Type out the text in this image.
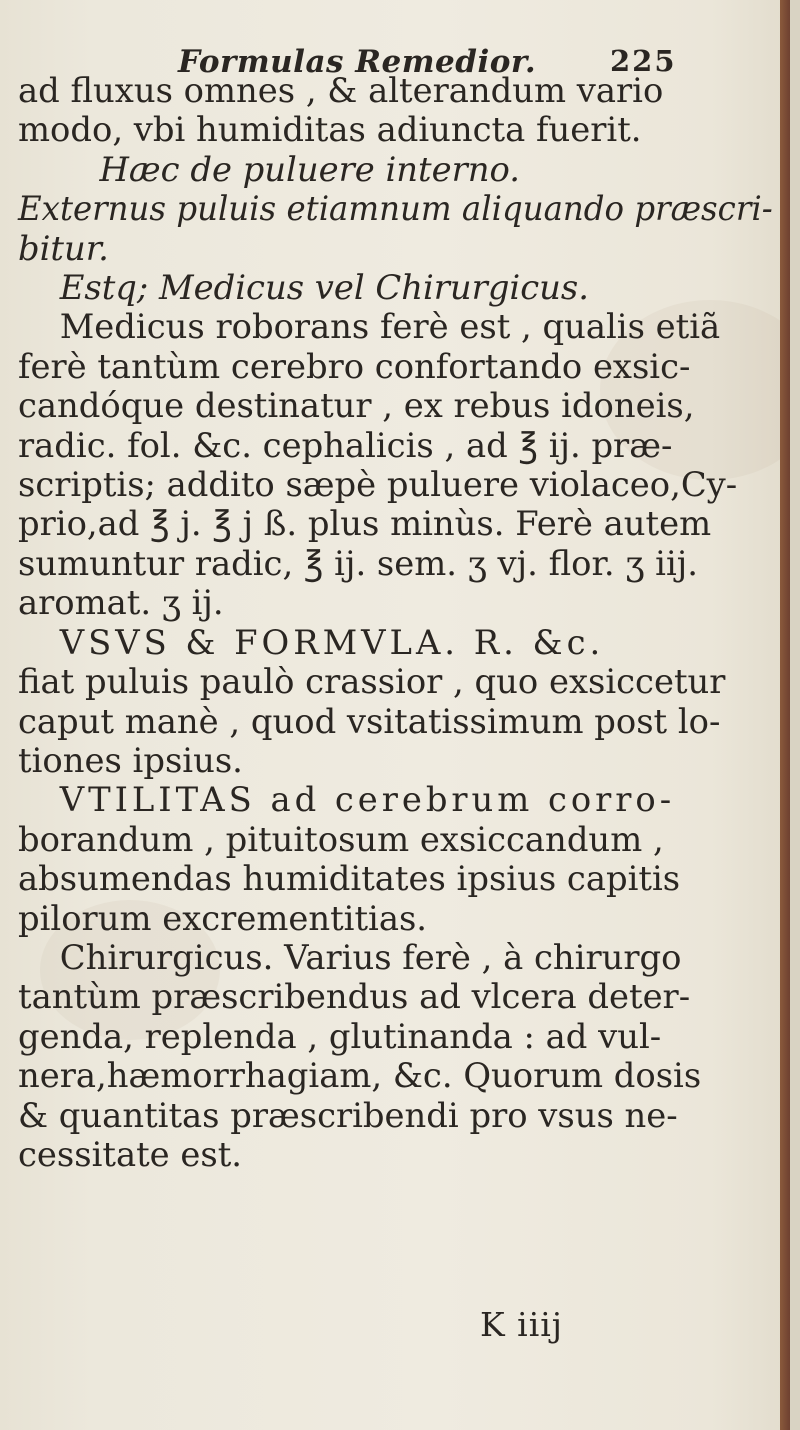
Formulas Remedior.	225
ad fluxus omnes , & alterandum vario
modo, vbi humiditas adiuncta fuerit.
Hæc de puluere interno.
Externus puluis etiamnum aliquando præscri-
bitur.
Estq; Medicus vel Chirurgicus.
Medicus roborans ferè est , qualis etiã
ferè tantùm cerebro confortando exsic-
candóque destinatur , ex rebus idoneis,
radic. fol. &c. cephalicis , ad ℥ ij. præ-
scriptis; addito sæpè puluere violaceo,Cy-
prio,ad ℥ j. ℥ j ß. plus minùs. Ferè autem
sumuntur radic, ℥ ij. sem. ʒ vj. flor. ʒ iij.
aromat. ʒ ij.
VSVS & FORMVLA. R. &c.
fiat puluis paulò crassior , quo exsiccetur
caput manè , quod vsitatissimum post lo-
tiones ipsius.
VTILITAS ad cerebrum corro-
borandum , pituitosum exsiccandum ,
absumendas humiditates ipsius capitis
pilorum excrementitias.
Chirurgicus. Varius ferè , à chirurgo
tantùm præscribendus ad vlcera deter-
genda, replenda , glutinanda : ad vul-
nera,hæmorrhagiam, &c. Quorum dosis
& quantitas præscribendi pro vsus ne-
cessitate est.
K iiij
